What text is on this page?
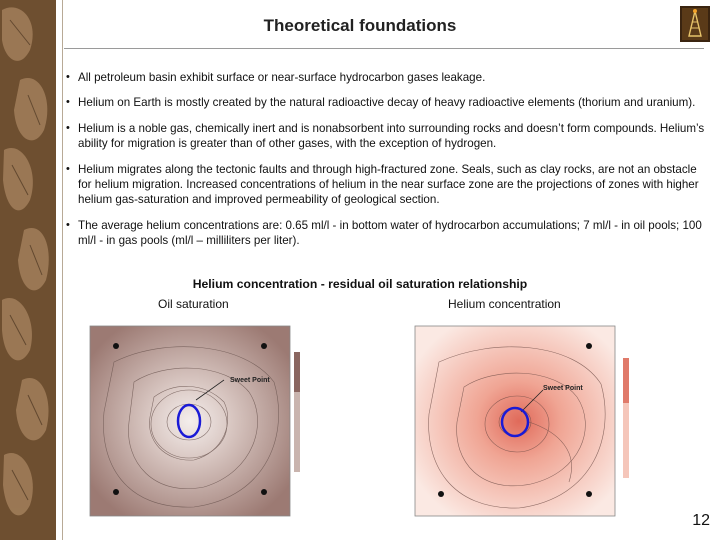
Theoretical foundations
• All petroleum basin exhibit surface or near-surface hydrocarbon gases leakage.
• Helium on Earth is mostly created by the natural radioactive decay of heavy radioactive elements (thorium and uranium).
• Helium is a noble gas, chemically inert and is nonabsorbent into surrounding rocks and doesn’t form compounds. Helium’s ability for migration is greater than of other gases, with the exception of hydrogen.
• Helium migrates along the tectonic faults and through high-fractured zone. Seals, such as clay rocks, are not an obstacle for helium migration. Increased concentrations of helium in the near surface zone are the projections of zones with higher helium gas-saturation and improved permeability of geological section.
• The average helium concentrations are: 0.65 ml/l - in bottom water of hydrocarbon accumulations; 7 ml/l - in oil pools; 100 ml/l - in gas pools (ml/l – milliliters per liter).
Helium concentration - residual oil saturation relationship
Oil saturation	Helium concentration
Sweet Point
Sweet Point
12
